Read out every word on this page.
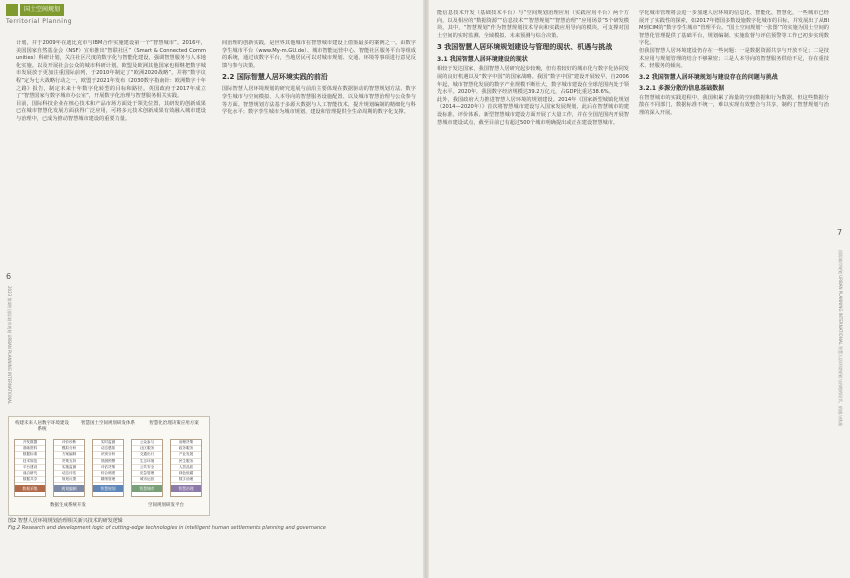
国土空间规划
Territorial Planning
6
2023 第4期 国际城市规划 URBAN PLANNING INTERNATIONAL

计划，并于2009年在迪比克市与IBM合作实施建设第一个“智慧城市”。2016年，美国国家自然基金会（NSF）宣布推出“智联社区”（Smart & Connected Communities）科研计划，关注社区尺度的数字化与智能化建设，强调智慧服务与人本地化实施。以及开展社会公众的城市科研计划。欧盟及欧洲其他国家也相继把数字城市发展放于更加注重国际前列，于2010年制定了“欧洲2020战略”，并将“数字议程”定为七大战略行动之一，欧盟于2021年发布《2030数字指南针：欧洲数字十年之路》报告，制定未来十年数字化转型的目标和路径。英国政府于2017年成立了“智慧国家与数字城市办公室”，开展数字化治理与智慧服务相关实践。

目前，国际科技企业在核心技术和产品市场方面处于领先位置，其研发的创新成果已在城市智慧化发展方面获得广泛应用，可将多元技术创新成果有效融入城市建设与治理中，已成为推动智慧城市建设的重要力量。

间治理的创新实践，是世界其他城市在智慧城市建设上借鉴最多的案例之一。由数字孪生城市平台（www.My-m.GU.de）、城市智能运营中心、智能社区服务平台等组成的系统，通过该数字平台，当地居民可以对城市规划、交通、环境等事项进行意见反馈与参与决策。

2.2 国际智慧人居环境实践的前沿

国际智慧人居环境规划的研究进展与前沿主要体现在数据驱动的智慧规划方法、数字孪生城市与空间模拟、人本导向的智慧服务设施配置、以及城市智慧治理与公众参与等方面。智慧规划方法基于多源大数据与人工智能技术，提升规划编制的精细化与科学化水平；数字孪生城市为城市规划、建设和管理提供全生命周期的数字化支撑。

构建未来人居数字环境建设系统
智慧国土空间规划研发体系	智慧化治理决策应用方案
开发数据
基础资料
数据标准
技术规范
平台建设
前沿研究
数据共享
评价诊断
模拟分析
方案编制
决策支持
实施监测
动态评估
规划反馈
实时监测
动态感知
识别分析
预测预警
评估决策
综合调度
精细管理
公众参与
社区服务
交通出行
生态环境
公共安全
应急管理
城市运营
治理决策
政务服务
产业发展
民生服务
人居品质
绿色低碳
数字治理
数据采集	规划编制	智慧规划	智慧城市	智慧治理
数据生成系统开发	空间规划研发平台
图2 智慧人居环境规划治理相关新兴技术的研发逻辑
Fig.2 Research and development logic of cutting-edge technologies in intelligent human settlements planning and governance
7
国际城市规划 URBAN PLANNING INTERNATIONAL 智慧人居环境规划与治理的现状、机遇与挑战

能信息技术开发（基础技术平台）与“空间规划治理应用（实践应用平台）两个方向，以及相应的“数据资源”“信息技术”“智慧规划”“智慧治理”“应用场景”5个研发模块。其中，“智慧规划”作为智慧规划技术导向和实践应用导向的模块，可支撑对国土空间的实时监测、全域模拟、未来预测与综合决策。

3 我国智慧人居环境规划建设与管理的现状、机遇与挑战
3.1 我国智慧人居环境建设的现状

相较于发达国家，我国智慧人居研究起步较晚，但有着较好的城市化与数字化协同发展的良好机遇以及“数字中国”的国家战略。我国“数字中国”建设开展较早，自2006年起，城市智慧化发展的数字产业规模不断壮大，数字城市建设在全球范围内处于领先水平。2020年，我国数字经济规模达39.2万亿元，占GDP比重达38.6%。

此外，我国政府大力推进智慧人居环境的规划建设。2014年《国家新型城镇化规划（2014—2020年）》首次将智慧城市建设写入国家发展规划，此后在智慧城市的建设标准、评价体系、新型智慧城市建设方面开展了大量工作，并在全国范围内开展智慧城市建设试点，截至目前已有超过500个城市明确提出或正在建设智慧城市。

学化城市管理将会进一步加速人居环境的信息化、智能化。智慧化，一些城市已经展开了实践性的探索，如2017年德国多数设施数字化城市的目标，并发展出了从BIM到CIM的“数字孪生城市”管理平台。“国土空间规划‘一张图’”的实施为国土空间的智慧化管理提供了基础平台，规划编制、实施监督与评估预警等工作已初步实现数字化。

但我国智慧人居环境建设仍存在一些问题：一是数据资源共享与开放不足；二是技术应用与规划管理的结合不够紧密；三是人本导向的智慧服务供给不足，存在重技术、轻服务的倾向。

3.2 我国智慧人居环境规划与建设存在的问题与挑战
3.2.1 多源分散的信息基础数据

在智慧城市的实践进程中，我国积累了海量的空间数据和行为数据，但这些数据分散在不同部门，数据标准不统一，难以实现有效整合与共享，制约了智慧规划与治理的深入开展。
